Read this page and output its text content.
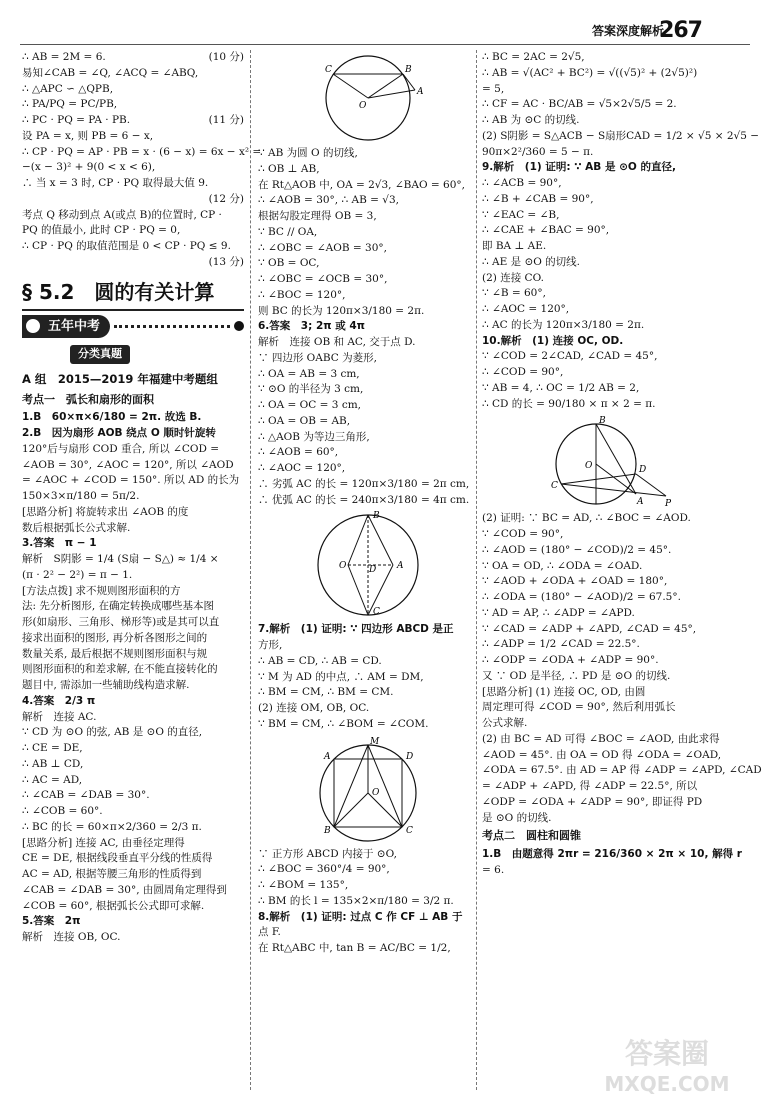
答案深度解析
267
∴ AB = 2M = 6.	(10 分)
易知∠CAB = ∠Q, ∠ACQ = ∠ABQ,
∴ △APC ∽ △QPB,
∴ PA/PQ = PC/PB,
∴ PC · PQ = PA · PB.	(11 分)
设 PA = x, 则 PB = 6 − x,
∴ CP · PQ = AP · PB = x · (6 − x) = 6x − x² =
−(x − 3)² + 9(0 < x < 6),
∴ 当 x = 3 时, CP · PQ 取得最大值 9.
(12 分)
考点 Q 移动到点 A(或点 B)的位置时, CP ·
PQ 的值最小, 此时 CP · PQ = 0,
∴ CP · PQ 的取值范围是 0 < CP · PQ ≤ 9.
(13 分)
§ 5.2　圆的有关计算
五年中考
分类真题
A 组　2015—2019 年福建中考题组
考点一　弧长和扇形的面积
1.B　60×π×6/180 = 2π. 故选 B.
2.B　因为扇形 AOB 绕点 O 顺时针旋转
120°后与扇形 COD 重合, 所以 ∠COD =
∠AOB = 30°, ∠AOC = 120°, 所以 ∠AOD
= ∠AOC + ∠COD = 150°. 所以 AD 的长为
150×3×π/180 = 5π/2.
[思路分析] 将旋转求出 ∠AOB 的度
数后根据弧长公式求解.
3.答案　π − 1
解析　S阴影 = 1/4 (S扇 − S△) ≈ 1/4 ×
(π · 2² − 2²) = π − 1.
[方法点拨] 求不规则图形面积的方
法: 先分析图形, 在确定转换成哪些基本图
形(如扇形、三角形、梯形等)或是其可以直
接求出面积的图形, 再分析各图形之间的
数量关系, 最后根据不规则图形面积与规
则图形面积的和差求解, 在不能直接转化的
题目中, 需添加一些辅助线构造求解.
4.答案　2/3 π
解析　连接 AC.
∵ CD 为 ⊙O 的弦, AB 是 ⊙O 的直径,
∴ CE = DE,
∴ AB ⊥ CD,
∴ AC = AD,
∴ ∠CAB = ∠DAB = 30°.
∴ ∠COB = 60°.
∴ BC 的长 = 60×π×2/360 = 2/3 π.
[思路分析] 连接 AC, 由垂径定理得
CE = DE, 根据线段垂直平分线的性质得
AC = AD, 根据等腰三角形的性质得到
∠CAB = ∠DAB = 30°, 由圆周角定理得到
∠COB = 60°, 根据弧长公式即可求解.
5.答案　2π
解析　连接 OB, OC.
C	B
A
O
∵ AB 为圆 O 的切线,
∴ OB ⊥ AB,
在 Rt△AOB 中, OA = 2√3, ∠BAO = 60°,
∴ ∠AOB = 30°, ∴ AB = √3,
根据勾股定理得 OB = 3,
∵ BC // OA,
∴ ∠OBC = ∠AOB = 30°,
∵ OB = OC,
∴ ∠OBC = ∠OCB = 30°,
∴ ∠BOC = 120°,
则 BC 的长为 120π×3/180 = 2π.
6.答案　3; 2π 或 4π
解析　连接 OB 和 AC, 交于点 D.
∵ 四边形 OABC 为菱形,
∴ OA = AB = 3 cm,
∵ ⊙O 的半径为 3 cm,
∴ OA = OC = 3 cm,
∴ OA = OB = AB,
∴ △AOB 为等边三角形,
∴ ∠AOB = 60°,
∴ ∠AOC = 120°,
∴ 劣弧 AC 的长 = 120π×3/180 = 2π cm,
∴ 优弧 AC 的长 = 240π×3/180 = 4π cm.
B
O	D A
C
7.解析　(1) 证明: ∵ 四边形 ABCD 是正
方形,
∴ AB = CD, ∴ AB = CD.
∵ M 为 AD 的中点, ∴ AM = DM,
∴ BM = CM, ∴ BM = CM.
(2) 连接 OM, OB, OC.
∵ BM = CM, ∴ ∠BOM = ∠COM.
M
A	D
O
B	C
∵ 正方形 ABCD 内接于 ⊙O,
∴ ∠BOC = 360°/4 = 90°,
∴ ∠BOM = 135°,
∴ BM 的长 l = 135×2×π/180 = 3/2 π.
8.解析　(1) 证明: 过点 C 作 CF ⊥ AB 于
点 F.
在 Rt△ABC 中, tan B = AC/BC = 1/2,
∴ BC = 2AC = 2√5,
∴ AB = √(AC² + BC²) = √((√5)² + (2√5)²)
= 5,
∴ CF = AC · BC/AB = √5×2√5/5 = 2.
∴ AB 为 ⊙C 的切线.
(2) S阴影 = S△ACB − S扇形CAD = 1/2 × √5 × 2√5 −
90π×2²/360 = 5 − π.
9.解析　(1) 证明: ∵ AB 是 ⊙O 的直径,
∴ ∠ACB = 90°,
∴ ∠B + ∠CAB = 90°,
∵ ∠EAC = ∠B,
∴ ∠CAE + ∠BAC = 90°,
即 BA ⊥ AE.
∴ AE 是 ⊙O 的切线.
(2) 连接 CO.
∵ ∠B = 60°,
∴ ∠AOC = 120°,
∴ AC 的长为 120π×3/180 = 2π.
10.解析　(1) 连接 OC, OD.
∵ ∠COD = 2∠CAD, ∠CAD = 45°,
∴ ∠COD = 90°,
∵ AB = 4, ∴ OC = 1/2 AB = 2,
∴ CD 的长 = 90/180 × π × 2 = π.
B
O
C
A
D
P
(2) 证明: ∵ BC = AD, ∴ ∠BOC = ∠AOD.
∵ ∠COD = 90°,
∴ ∠AOD = (180° − ∠COD)/2 = 45°.
∵ OA = OD, ∴ ∠ODA = ∠OAD.
∵ ∠AOD + ∠ODA + ∠OAD = 180°,
∴ ∠ODA = (180° − ∠AOD)/2 = 67.5°.
∵ AD = AP, ∴ ∠ADP = ∠APD.
∵ ∠CAD = ∠ADP + ∠APD, ∠CAD = 45°,
∴ ∠ADP = 1/2 ∠CAD = 22.5°.
∴ ∠ODP = ∠ODA + ∠ADP = 90°.
又 ∵ OD 是半径, ∴ PD 是 ⊙O 的切线.
[思路分析] (1) 连接 OC, OD, 由圆
周定理可得 ∠COD = 90°, 然后利用弧长
公式求解.
(2) 由 BC = AD 可得 ∠BOC = ∠AOD, 由此求得
∠AOD = 45°. 由 OA = OD 得 ∠ODA = ∠OAD,
∠ODA = 67.5°. 由 AD = AP 得 ∠ADP = ∠APD, ∠CAD
= ∠ADP + ∠APD, 得 ∠ADP = 22.5°, 所以
∠ODP = ∠ODA + ∠ADP = 90°, 即证得 PD
是 ⊙O 的切线.
考点二　圆柱和圆锥
1.B　由题意得 2πr = 216/360 × 2π × 10, 解得 r
= 6.
答案圈
MXQE.COM
